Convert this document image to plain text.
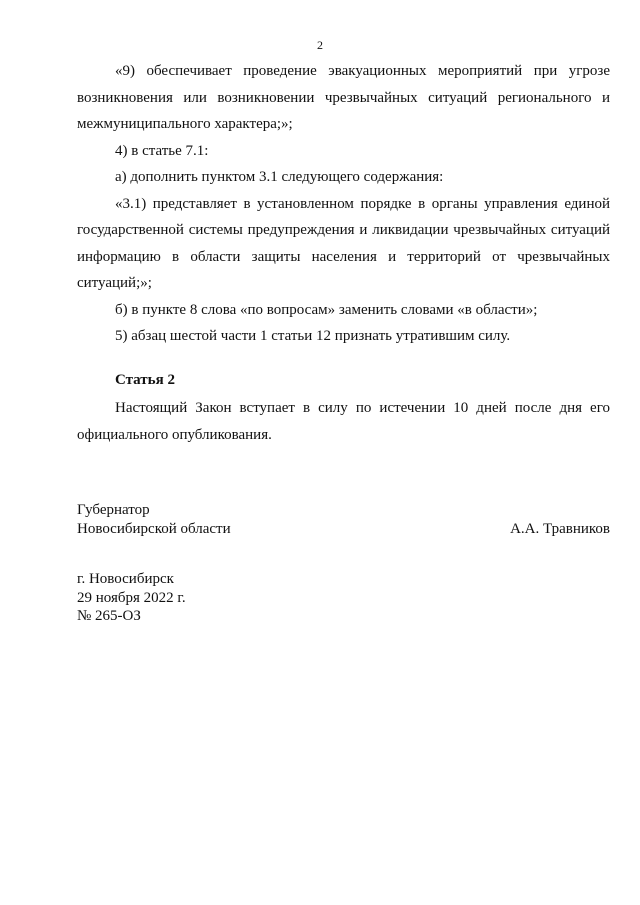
2

«9) обеспечивает проведение эвакуационных мероприятий при угрозе возникновения или возникновении чрезвычайных ситуаций регионального и межмуниципального характера;»;

4) в статье 7.1:

а) дополнить пунктом 3.1 следующего содержания:

«3.1) представляет в установленном порядке в органы управления единой государственной системы предупреждения и ликвидации чрезвычайных ситуаций информацию в области защиты населения и территорий от чрезвычайных ситуаций;»;

б) в пункте 8 слова «по вопросам» заменить словами «в области»;

5) абзац шестой части 1 статьи 12 признать утратившим силу.

Статья 2

Настоящий Закон вступает в силу по истечении 10 дней после дня его официального опубликования.

Губернатор
Новосибирской области	А.А. Травников
г. Новосибирск
29 ноября 2022 г.
№ 265-ОЗ
